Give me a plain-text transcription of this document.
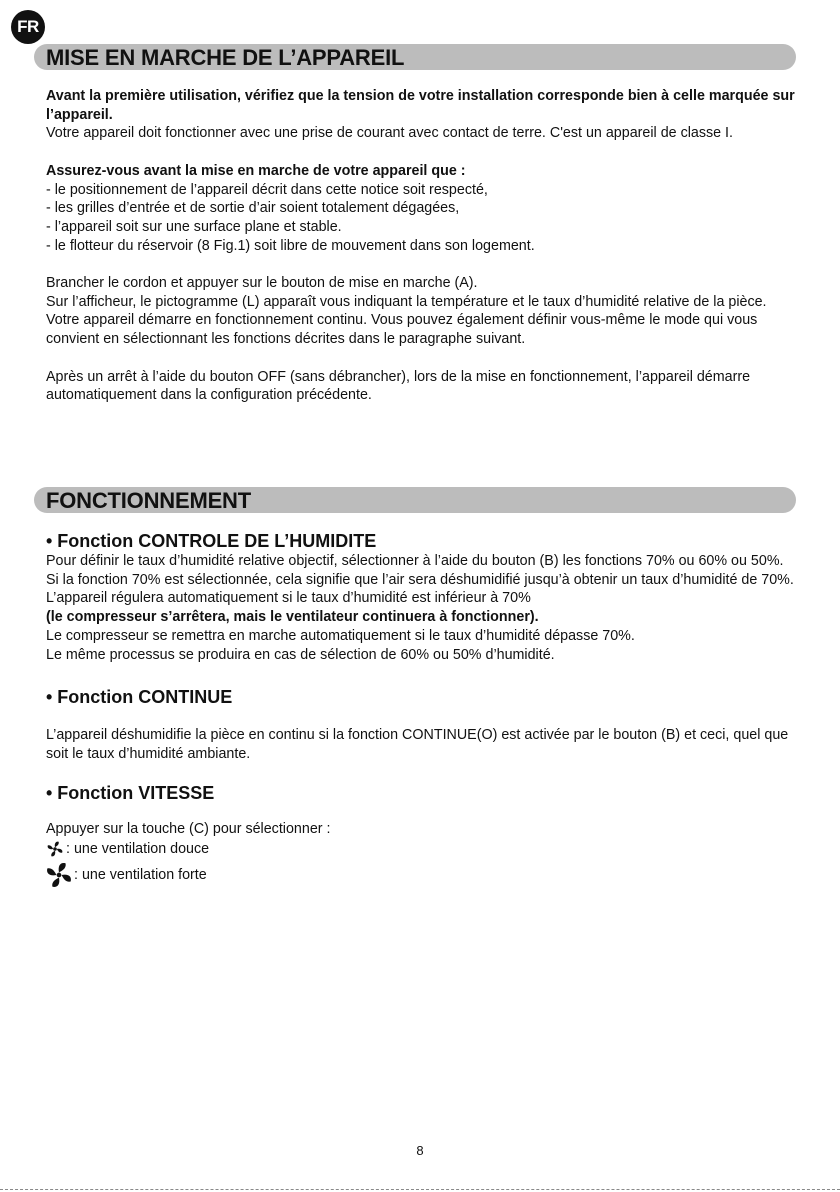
FR
MISE EN MARCHE DE L’APPAREIL

Avant la première utilisation, vérifiez que la tension de votre installation corresponde bien à celle marquée sur l’appareil.

Votre appareil doit fonctionner avec une prise de courant avec contact de terre. C'est un appareil de classe I.

Assurez-vous avant la mise en marche de votre appareil que :

- le positionnement de l’appareil décrit dans cette notice soit respecté,

- les grilles d’entrée et de sortie d’air soient totalement dégagées,

- l’appareil soit sur une surface plane et stable.

- le flotteur du réservoir (8 Fig.1) soit libre de mouvement dans son logement.

Brancher le cordon et appuyer sur le bouton de mise en marche (A).

Sur l’afficheur, le pictogramme (L) apparaît vous indiquant la température et le taux d’humidité relative de la pièce.

Votre appareil démarre en fonctionnement continu. Vous pouvez également définir vous-même le mode qui vous convient en sélectionnant les fonctions décrites dans le paragraphe suivant.

Après un arrêt à l’aide du bouton OFF (sans débrancher), lors de la mise en fonctionnement, l’appareil démarre automatiquement dans la configuration précédente.

FONCTIONNEMENT

• Fonction CONTROLE DE L’HUMIDITE

Pour définir le taux d’humidité relative objectif, sélectionner à l’aide du bouton (B) les fonctions 70% ou 60% ou 50%.

Si la fonction 70% est sélectionnée, cela signifie que l’air sera déshumidifié jusqu’à obtenir un taux d’humidité de 70%. L’appareil régulera automatiquement si le taux d’humidité est inférieur à 70%
(le compresseur s’arrêtera, mais le ventilateur continuera à fonctionner).

Le compresseur se remettra en marche automatiquement si le taux d’humidité dépasse 70%.

Le même processus se produira en cas de sélection de 60% ou 50% d’humidité.

• Fonction CONTINUE

L’appareil déshumidifie la pièce en continu si la fonction CONTINUE(O) est activée par le bouton (B) et ceci, quel que soit le taux d’humidité ambiante.

• Fonction VITESSE

Appuyer sur la touche (C) pour sélectionner :

: une ventilation douce
: une ventilation forte
8
